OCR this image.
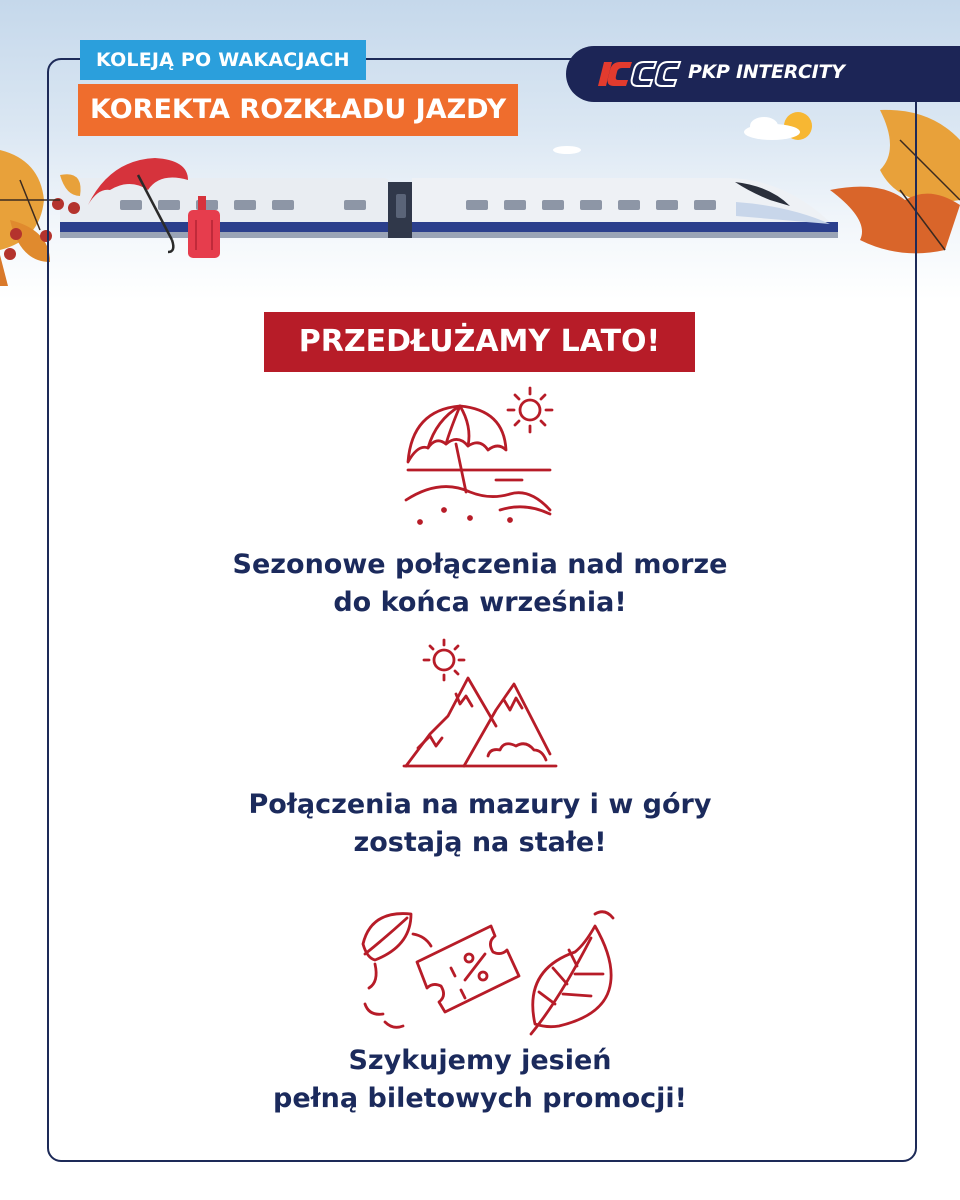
KOLEJĄ PO WAKACJACH
KOREKTA ROZKŁADU JAZDY
PKP INTERCITY
PRZEDŁUŻAMY LATO!
Sezonowe połączenia nad morze
do końca września!
Połączenia na mazury i w góry
zostają na stałe!
Szykujemy jesień
pełną biletowych promocji!
